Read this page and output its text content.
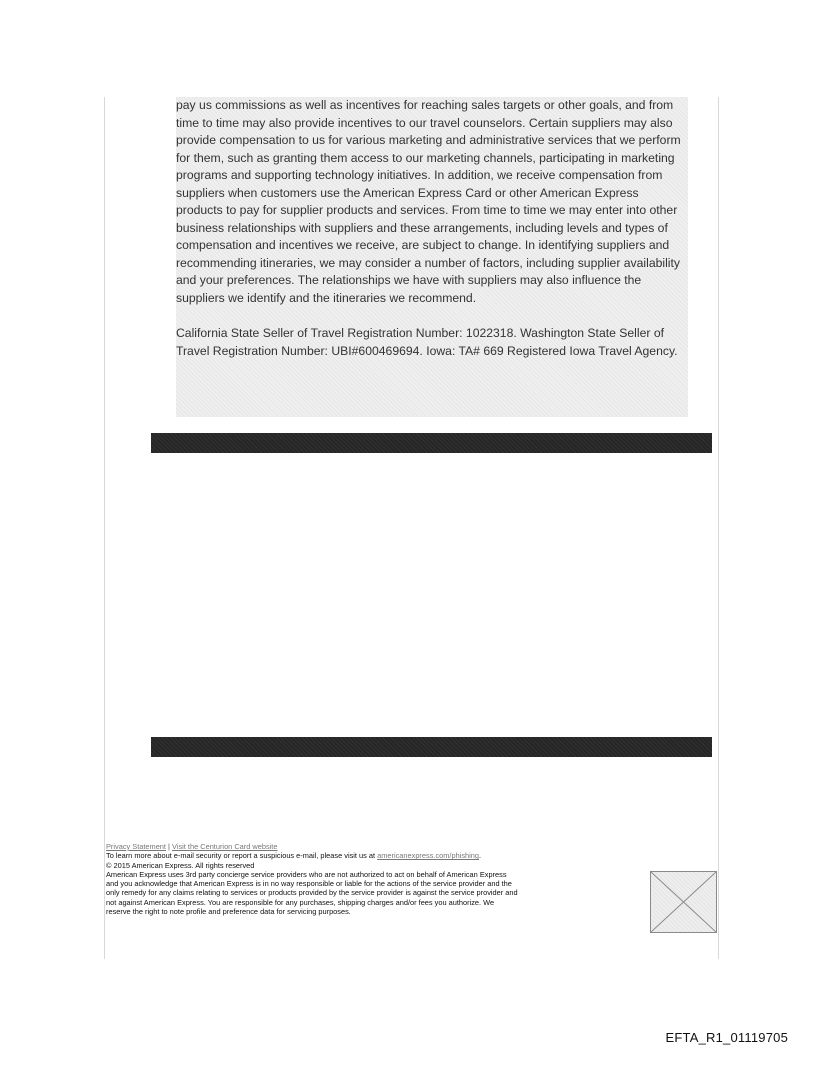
pay us commissions as well as incentives for reaching sales targets or other goals, and from time to time may also provide incentives to our travel counselors. Certain suppliers may also provide compensation to us for various marketing and administrative services that we perform for them, such as granting them access to our marketing channels, participating in marketing programs and supporting technology initiatives. In addition, we receive compensation from suppliers when customers use the American Express Card or other American Express products to pay for supplier products and services. From time to time we may enter into other business relationships with suppliers and these arrangements, including levels and types of compensation and incentives we receive, are subject to change. In identifying suppliers and recommending itineraries, we may consider a number of factors, including supplier availability and your preferences. The relationships we have with suppliers may also influence the suppliers we identify and the itineraries we recommend.

California State Seller of Travel Registration Number: 1022318. Washington State Seller of Travel Registration Number: UBI#600469694. Iowa: TA# 669 Registered Iowa Travel Agency.

Privacy Statement | Visit the Centurion Card website
To learn more about e-mail security or report a suspicious e-mail, please visit us at americanexpress.com/phishing.
© 2015 American Express. All rights reserved
American Express uses 3rd party concierge service providers who are not authorized to act on behalf of American Express
and you acknowledge that American Express is in no way responsible or liable for the actions of the service provider and the
only remedy for any claims relating to services or products provided by the service provider is against the service provider and
not against American Express. You are responsible for any purchases, shipping charges and/or fees you authorize. We
reserve the right to note profile and preference data for servicing purposes.
EFTA_R1_01119705
